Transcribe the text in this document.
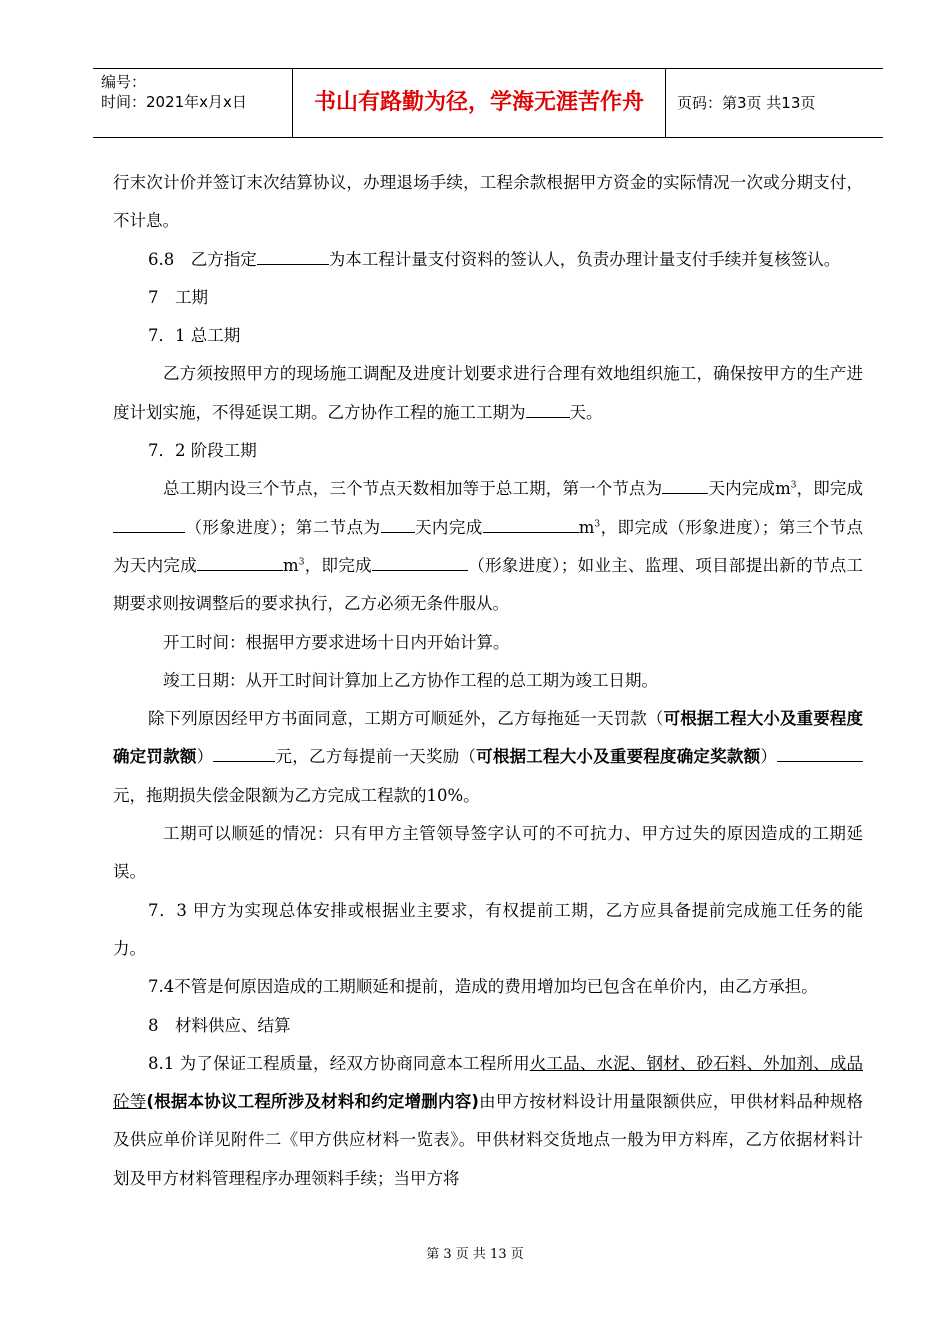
编号：
时间：2021年x月x日	书山有路勤为径，学海无涯苦作舟	页码：第3页 共13页

行末次计价并签订末次结算协议，办理退场手续，工程余款根据甲方资金的实际情况一次或分期支付，不计息。

6.8　乙方指定	为本工程计量支付资料的签认人，负责办理计量支付手续并复核签认。

7　工期

7．1 总工期

乙方须按照甲方的现场施工调配及进度计划要求进行合理有效地组织施工，确保按甲方的生产进度计划实施，不得延误工期。乙方协作工程的施工工期为	天。

7．2 阶段工期

总工期内设三个节点，三个节点天数相加等于总工期，第一个节点为	天内完成$m^3$，即完成（形象进度）；第二节点为 天内完成	$m^3$，即完成（形象进度）；第三个节点为天内完成	$m^3$，即完成	（形象进度）；如业主、监理、项目部提出新的节点工期要求则按调整后的要求执行，乙方必须无条件服从。

开工时间：根据甲方要求进场十日内开始计算。

竣工日期：从开工时间计算加上乙方协作工程的总工期为竣工日期。

除下列原因经甲方书面同意，工期方可顺延外，乙方每拖延一天罚款（可根据工程大小及重要程度确定罚款额）	元，乙方每提前一天奖励（可根据工程大小及重要程度确定奖款额）元，拖期损失偿金限额为乙方完成工程款的10%。

工期可以顺延的情况：只有甲方主管领导签字认可的不可抗力、甲方过失的原因造成的工期延误。

7．3 甲方为实现总体安排或根据业主要求，有权提前工期，乙方应具备提前完成施工任务的能力。

7.4不管是何原因造成的工期顺延和提前，造成的费用增加均已包含在单价内，由乙方承担。

8　材料供应、结算

8.1 为了保证工程质量，经双方协商同意本工程所用火工品、水泥、钢材、砂石料、外加剂、成品砼等(根据本协议工程所涉及材料和约定增删内容)由甲方按材料设计用量限额供应，甲供材料品种规格及供应单价详见附件二《甲方供应材料一览表》。甲供材料交货地点一般为甲方料库，乙方依据材料计划及甲方材料管理程序办理领料手续；当甲方将

第 3 页 共 13 页
